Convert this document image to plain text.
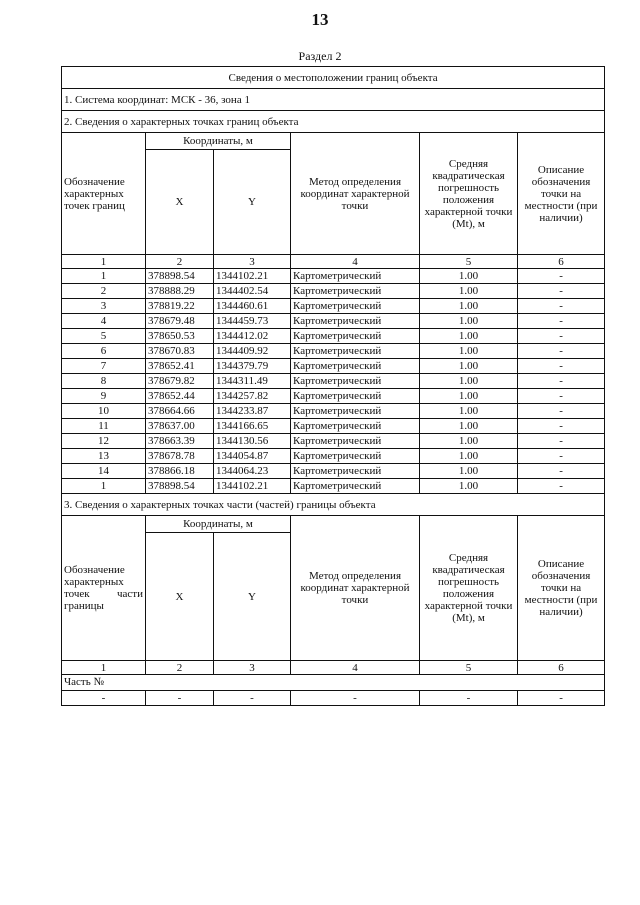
13
Раздел 2
Сведения о местоположении границ объекта					
1. Система координат: МСК - 36, зона 1					
2. Сведения о характерных точках границ объекта					
Обозначение характерных точек границ	Координаты, м		Метод определения координат характерной точки	Средняя квадратическая погрешность положения характерной точки (Mt), м	Описание обозначения точки на местности (при наличии)
	X	Y			
1	2	3	4	5	6
1	378898.54	1344102.21	Картометрический	1.00	-
2	378888.29	1344402.54	Картометрический	1.00	-
3	378819.22	1344460.61	Картометрический	1.00	-
4	378679.48	1344459.73	Картометрический	1.00	-
5	378650.53	1344412.02	Картометрический	1.00	-
6	378670.83	1344409.92	Картометрический	1.00	-
7	378652.41	1344379.79	Картометрический	1.00	-
8	378679.82	1344311.49	Картометрический	1.00	-
9	378652.44	1344257.82	Картометрический	1.00	-
10	378664.66	1344233.87	Картометрический	1.00	-
11	378637.00	1344166.65	Картометрический	1.00	-
12	378663.39	1344130.56	Картометрический	1.00	-
13	378678.78	1344054.87	Картометрический	1.00	-
14	378866.18	1344064.23	Картометрический	1.00	-
1	378898.54	1344102.21	Картометрический	1.00	-
3. Сведения о характерных точках части (частей) границы объекта					

Обозначение
характерных
точек части
границы	Координаты, м		Метод определения координат характерной точки	Средняя квадратическая погрешность положения характерной точки (Mt), м	Описание обозначения точки на местности (при наличии)
	X	Y			
1	2	3	4	5	6
Часть №					
-	-	-	-	-	-
